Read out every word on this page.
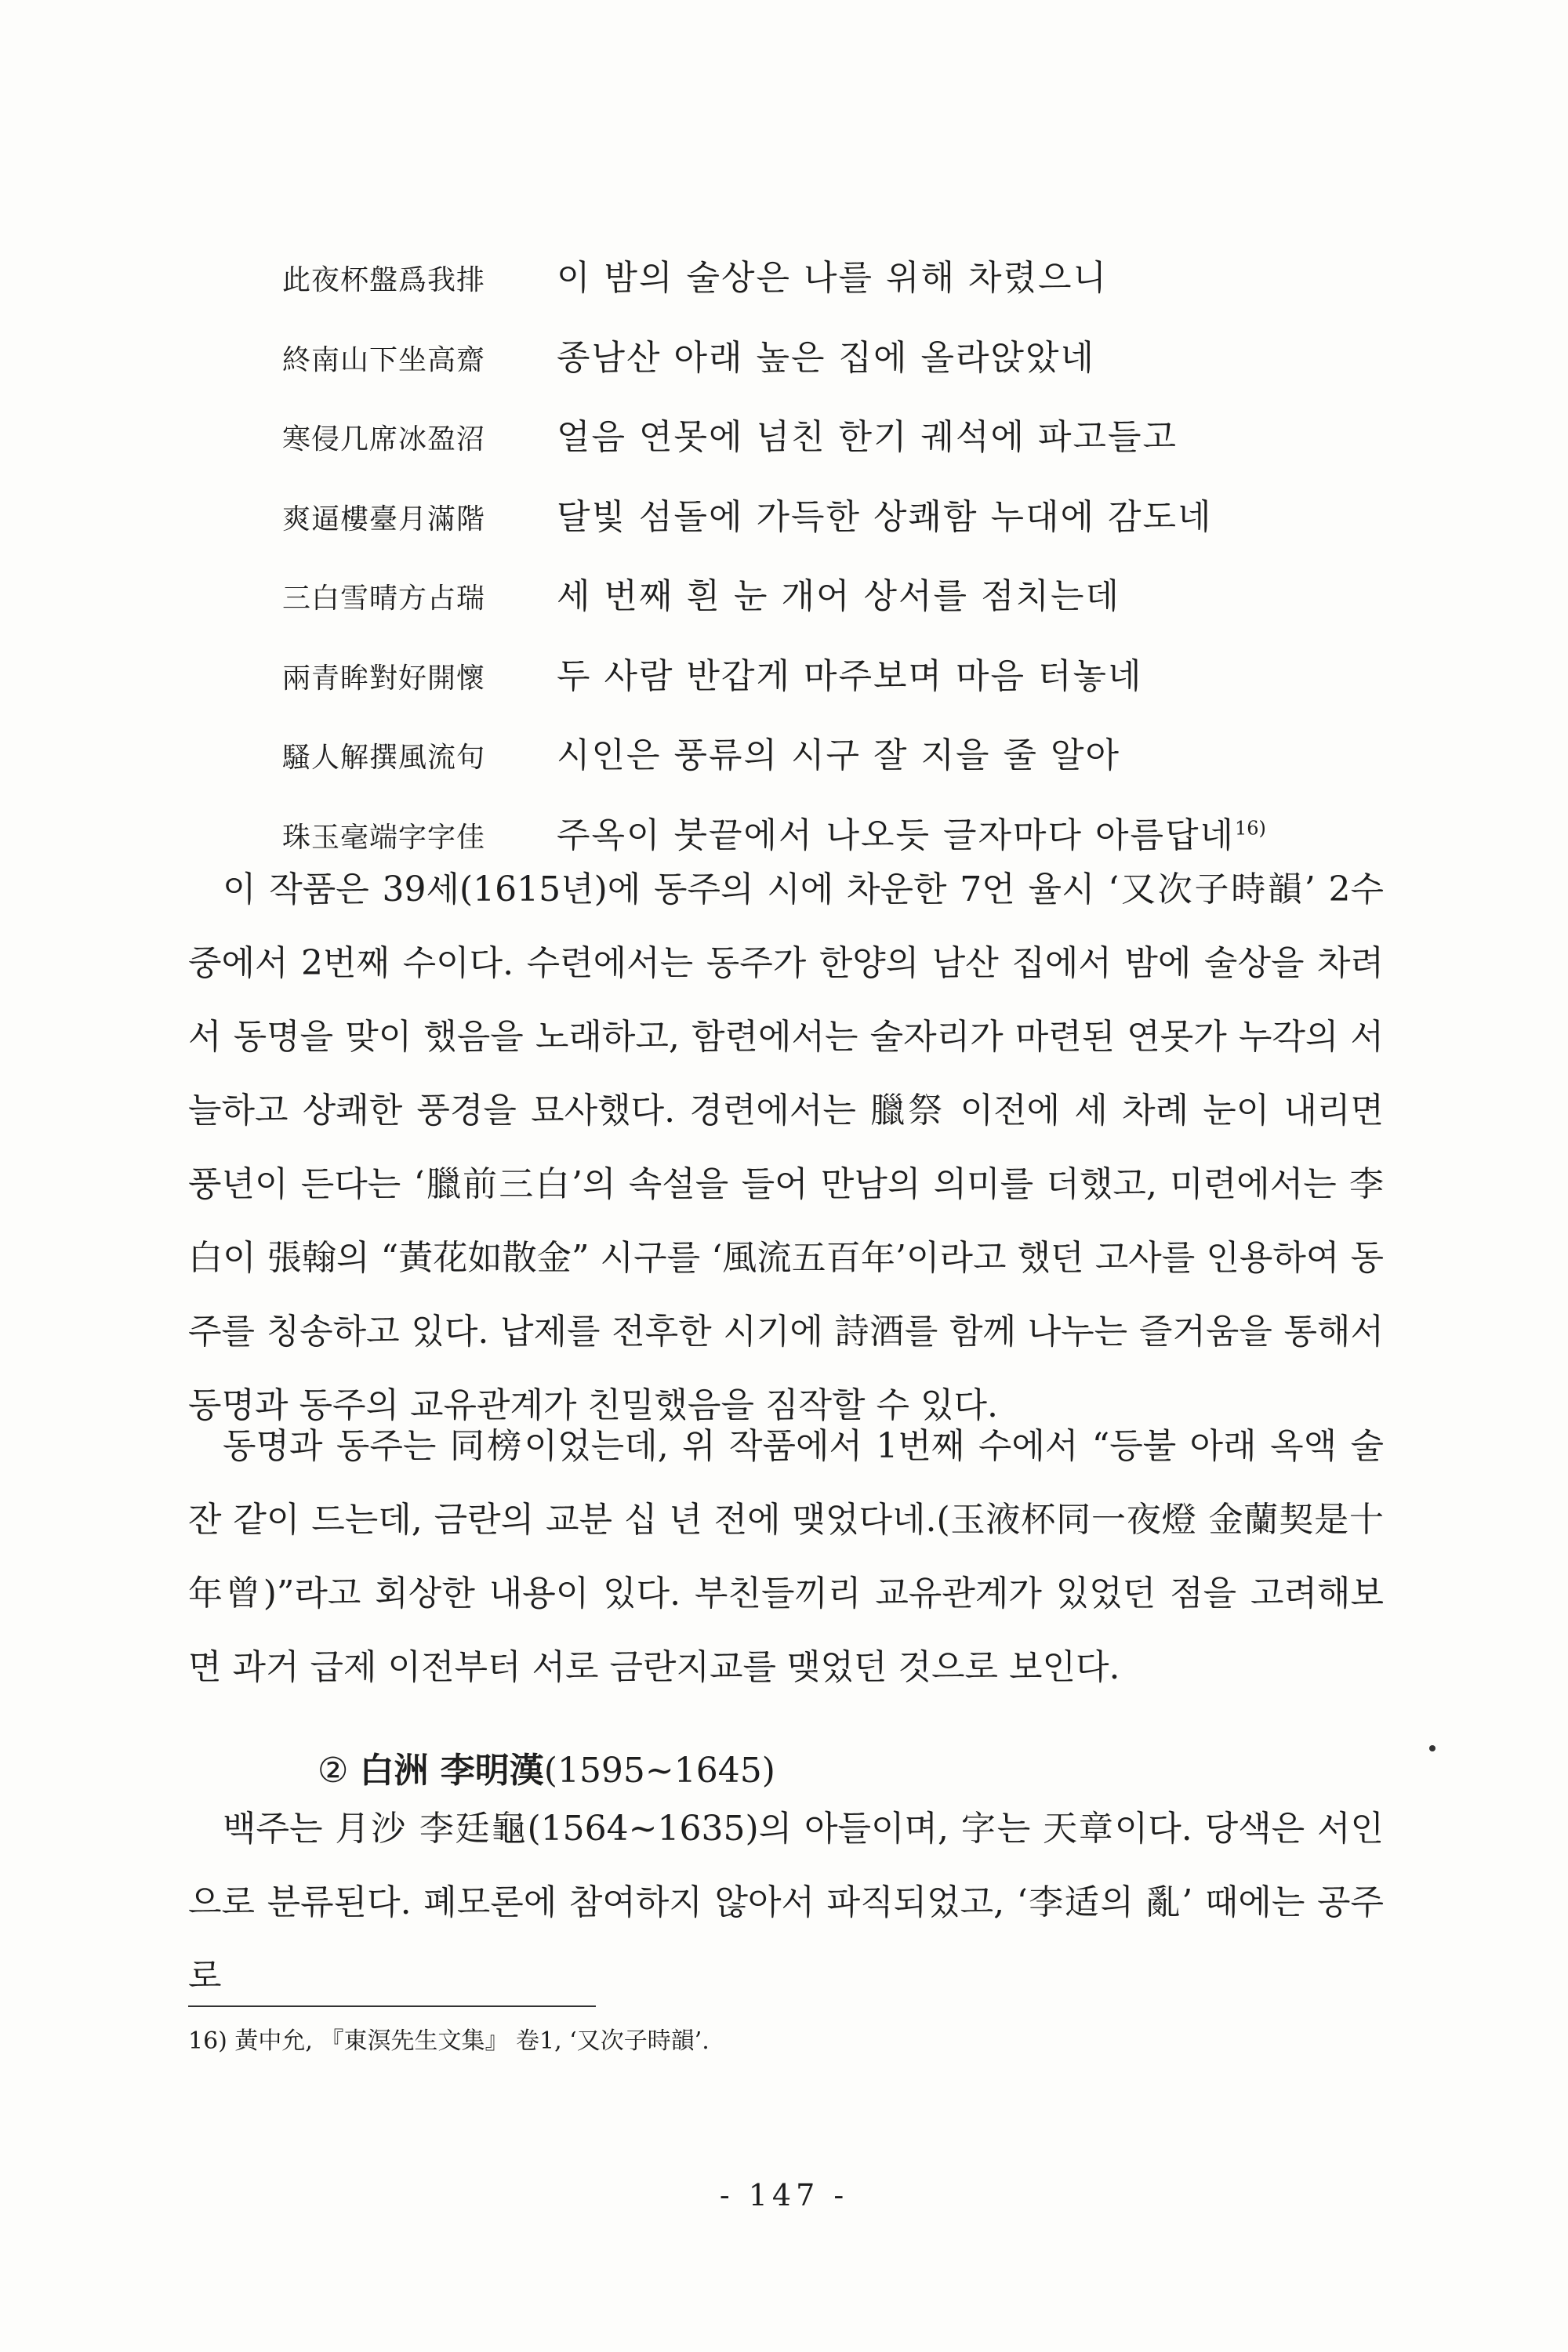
此夜杯盤爲我排	이 밤의 술상은 나를 위해 차렸으니
終南山下坐高齋	종남산 아래 높은 집에 올라앉았네
寒侵几席冰盈沼	얼음 연못에 넘친 한기 궤석에 파고들고
爽逼樓臺月滿階	달빛 섬돌에 가득한 상쾌함 누대에 감도네
三白雪晴方占瑞	세 번째 흰 눈 개어 상서를 점치는데
兩青眸對好開懷	두 사람 반갑게 마주보며 마음 터놓네
騷人解撰風流句	시인은 풍류의 시구 잘 지을 줄 알아
珠玉毫端字字佳	주옥이 붓끝에서 나오듯 글자마다 아름답네$^{16)}$

이 작품은 39세(1615년)에 동주의 시에 차운한 7언 율시 ‘又次子時韻’ 2수 중에서 2번째 수이다. 수련에서는 동주가 한양의 남산 집에서 밤에 술상을 차려서 동명을 맞이 했음을 노래하고, 함련에서는 술자리가 마련된 연못가 누각의 서늘하고 상쾌한 풍경을 묘사했다. 경련에서는 臘祭 이전에 세 차례 눈이 내리면 풍년이 든다는 ‘臘前三白’의 속설을 들어 만남의 의미를 더했고, 미련에서는 李白이 張翰의 “黃花如散金” 시구를 ‘風流五百年’이라고 했던 고사를 인용하여 동주를 칭송하고 있다. 납제를 전후한 시기에 詩酒를 함께 나누는 즐거움을 통해서 동명과 동주의 교유관계가 친밀했음을 짐작할 수 있다.

동명과 동주는 同榜이었는데, 위 작품에서 1번째 수에서 “등불 아래 옥액 술잔 같이 드는데, 금란의 교분 십 년 전에 맺었다네.(玉液杯同一夜燈 金蘭契是十年曾)”라고 회상한 내용이 있다. 부친들끼리 교유관계가 있었던 점을 고려해보면 과거 급제 이전부터 서로 금란지교를 맺었던 것으로 보인다.

② 白洲 李明漢(1595~1645)

백주는 月沙 李廷龜(1564~1635)의 아들이며, 字는 天章이다. 당색은 서인으로 분류된다. 폐모론에 참여하지 않아서 파직되었고, ‘李适의 亂’ 때에는 공주로

16) 黃中允, 『東溟先生文集』 卷1, ‘又次子時韻’.
- 147 -
